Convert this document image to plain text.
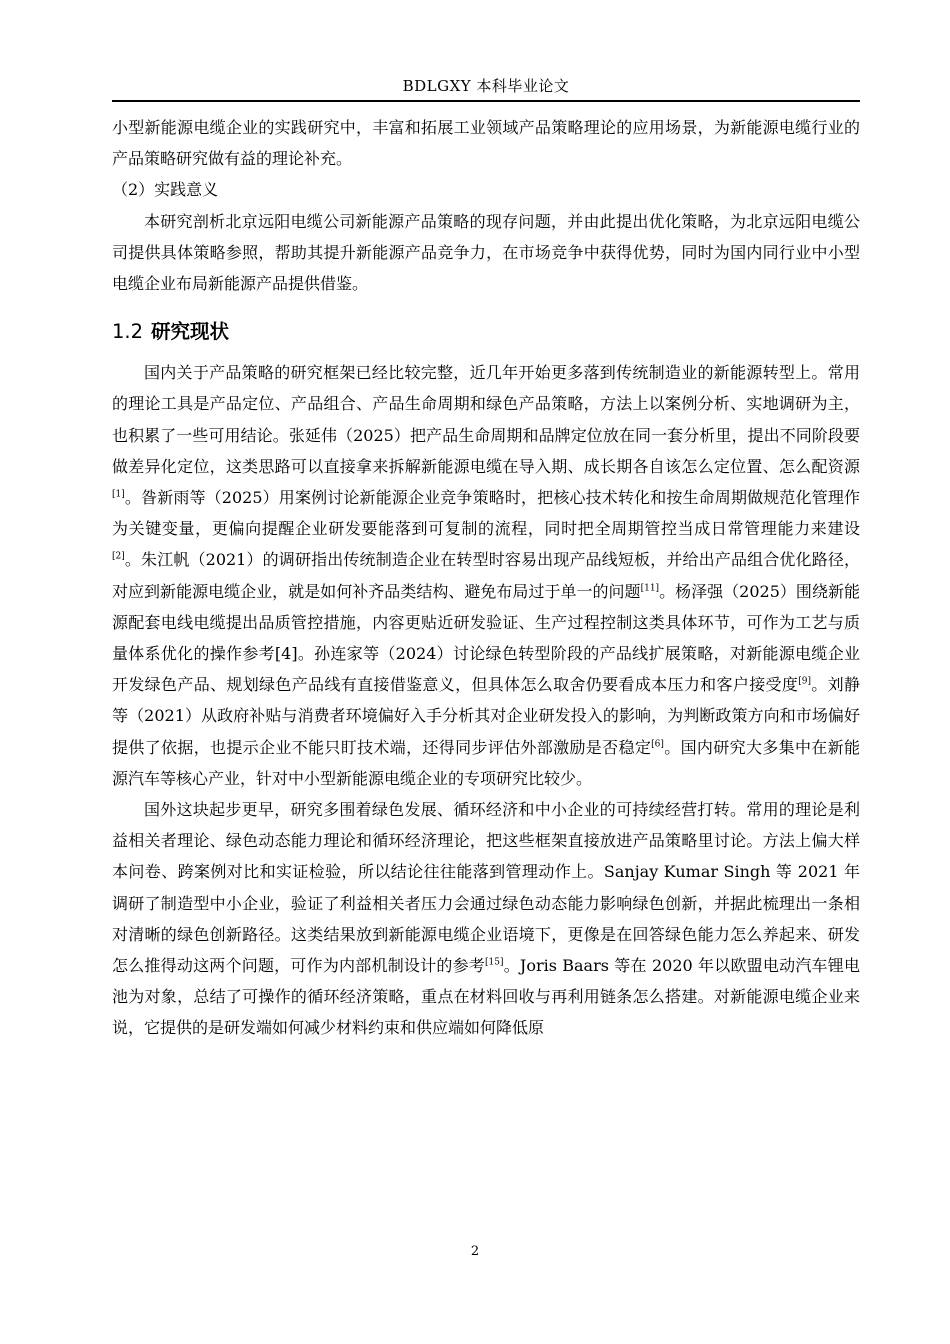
BDLGXY 本科毕业论文

小型新能源电缆企业的实践研究中，丰富和拓展工业领域产品策略理论的应用场景，为新能源电缆行业的产品策略研究做有益的理论补充。

（2）实践意义

本研究剖析北京远阳电缆公司新能源产品策略的现存问题，并由此提出优化策略，为北京远阳电缆公司提供具体策略参照，帮助其提升新能源产品竞争力，在市场竞争中获得优势，同时为国内同行业中小型电缆企业布局新能源产品提供借鉴。

1.2 研究现状

国内关于产品策略的研究框架已经比较完整，近几年开始更多落到传统制造业的新能源转型上。常用的理论工具是产品定位、产品组合、产品生命周期和绿色产品策略，方法上以案例分析、实地调研为主，也积累了一些可用结论。张延伟（2025）把产品生命周期和品牌定位放在同一套分析里，提出不同阶段要做差异化定位，这类思路可以直接拿来拆解新能源电缆在导入期、成长期各自该怎么定位置、怎么配资源[1]。昝新雨等（2025）用案例讨论新能源企业竞争策略时，把核心技术转化和按生命周期做规范化管理作为关键变量，更偏向提醒企业研发要能落到可复制的流程，同时把全周期管控当成日常管理能力来建设[2]。朱江帆（2021）的调研指出传统制造企业在转型时容易出现产品线短板，并给出产品组合优化路径，对应到新能源电缆企业，就是如何补齐品类结构、避免布局过于单一的问题[11]。杨泽强（2025）围绕新能源配套电线电缆提出品质管控措施，内容更贴近研发验证、生产过程控制这类具体环节，可作为工艺与质量体系优化的操作参考[4]。孙连家等（2024）讨论绿色转型阶段的产品线扩展策略，对新能源电缆企业开发绿色产品、规划绿色产品线有直接借鉴意义，但具体怎么取舍仍要看成本压力和客户接受度[9]。刘静等（2021）从政府补贴与消费者环境偏好入手分析其对企业研发投入的影响，为判断政策方向和市场偏好提供了依据，也提示企业不能只盯技术端，还得同步评估外部激励是否稳定[6]。国内研究大多集中在新能源汽车等核心产业，针对中小型新能源电缆企业的专项研究比较少。

国外这块起步更早，研究多围着绿色发展、循环经济和中小企业的可持续经营打转。常用的理论是利益相关者理论、绿色动态能力理论和循环经济理论，把这些框架直接放进产品策略里讨论。方法上偏大样本问卷、跨案例对比和实证检验，所以结论往往能落到管理动作上。Sanjay Kumar Singh 等 2021 年调研了制造型中小企业，验证了利益相关者压力会通过绿色动态能力影响绿色创新，并据此梳理出一条相对清晰的绿色创新路径。这类结果放到新能源电缆企业语境下，更像是在回答绿色能力怎么养起来、研发怎么推得动这两个问题，可作为内部机制设计的参考[15]。Joris Baars 等在 2020 年以欧盟电动汽车锂电池为对象，总结了可操作的循环经济策略，重点在材料回收与再利用链条怎么搭建。对新能源电缆企业来说，它提供的是研发端如何减少材料约束和供应端如何降低原

2
